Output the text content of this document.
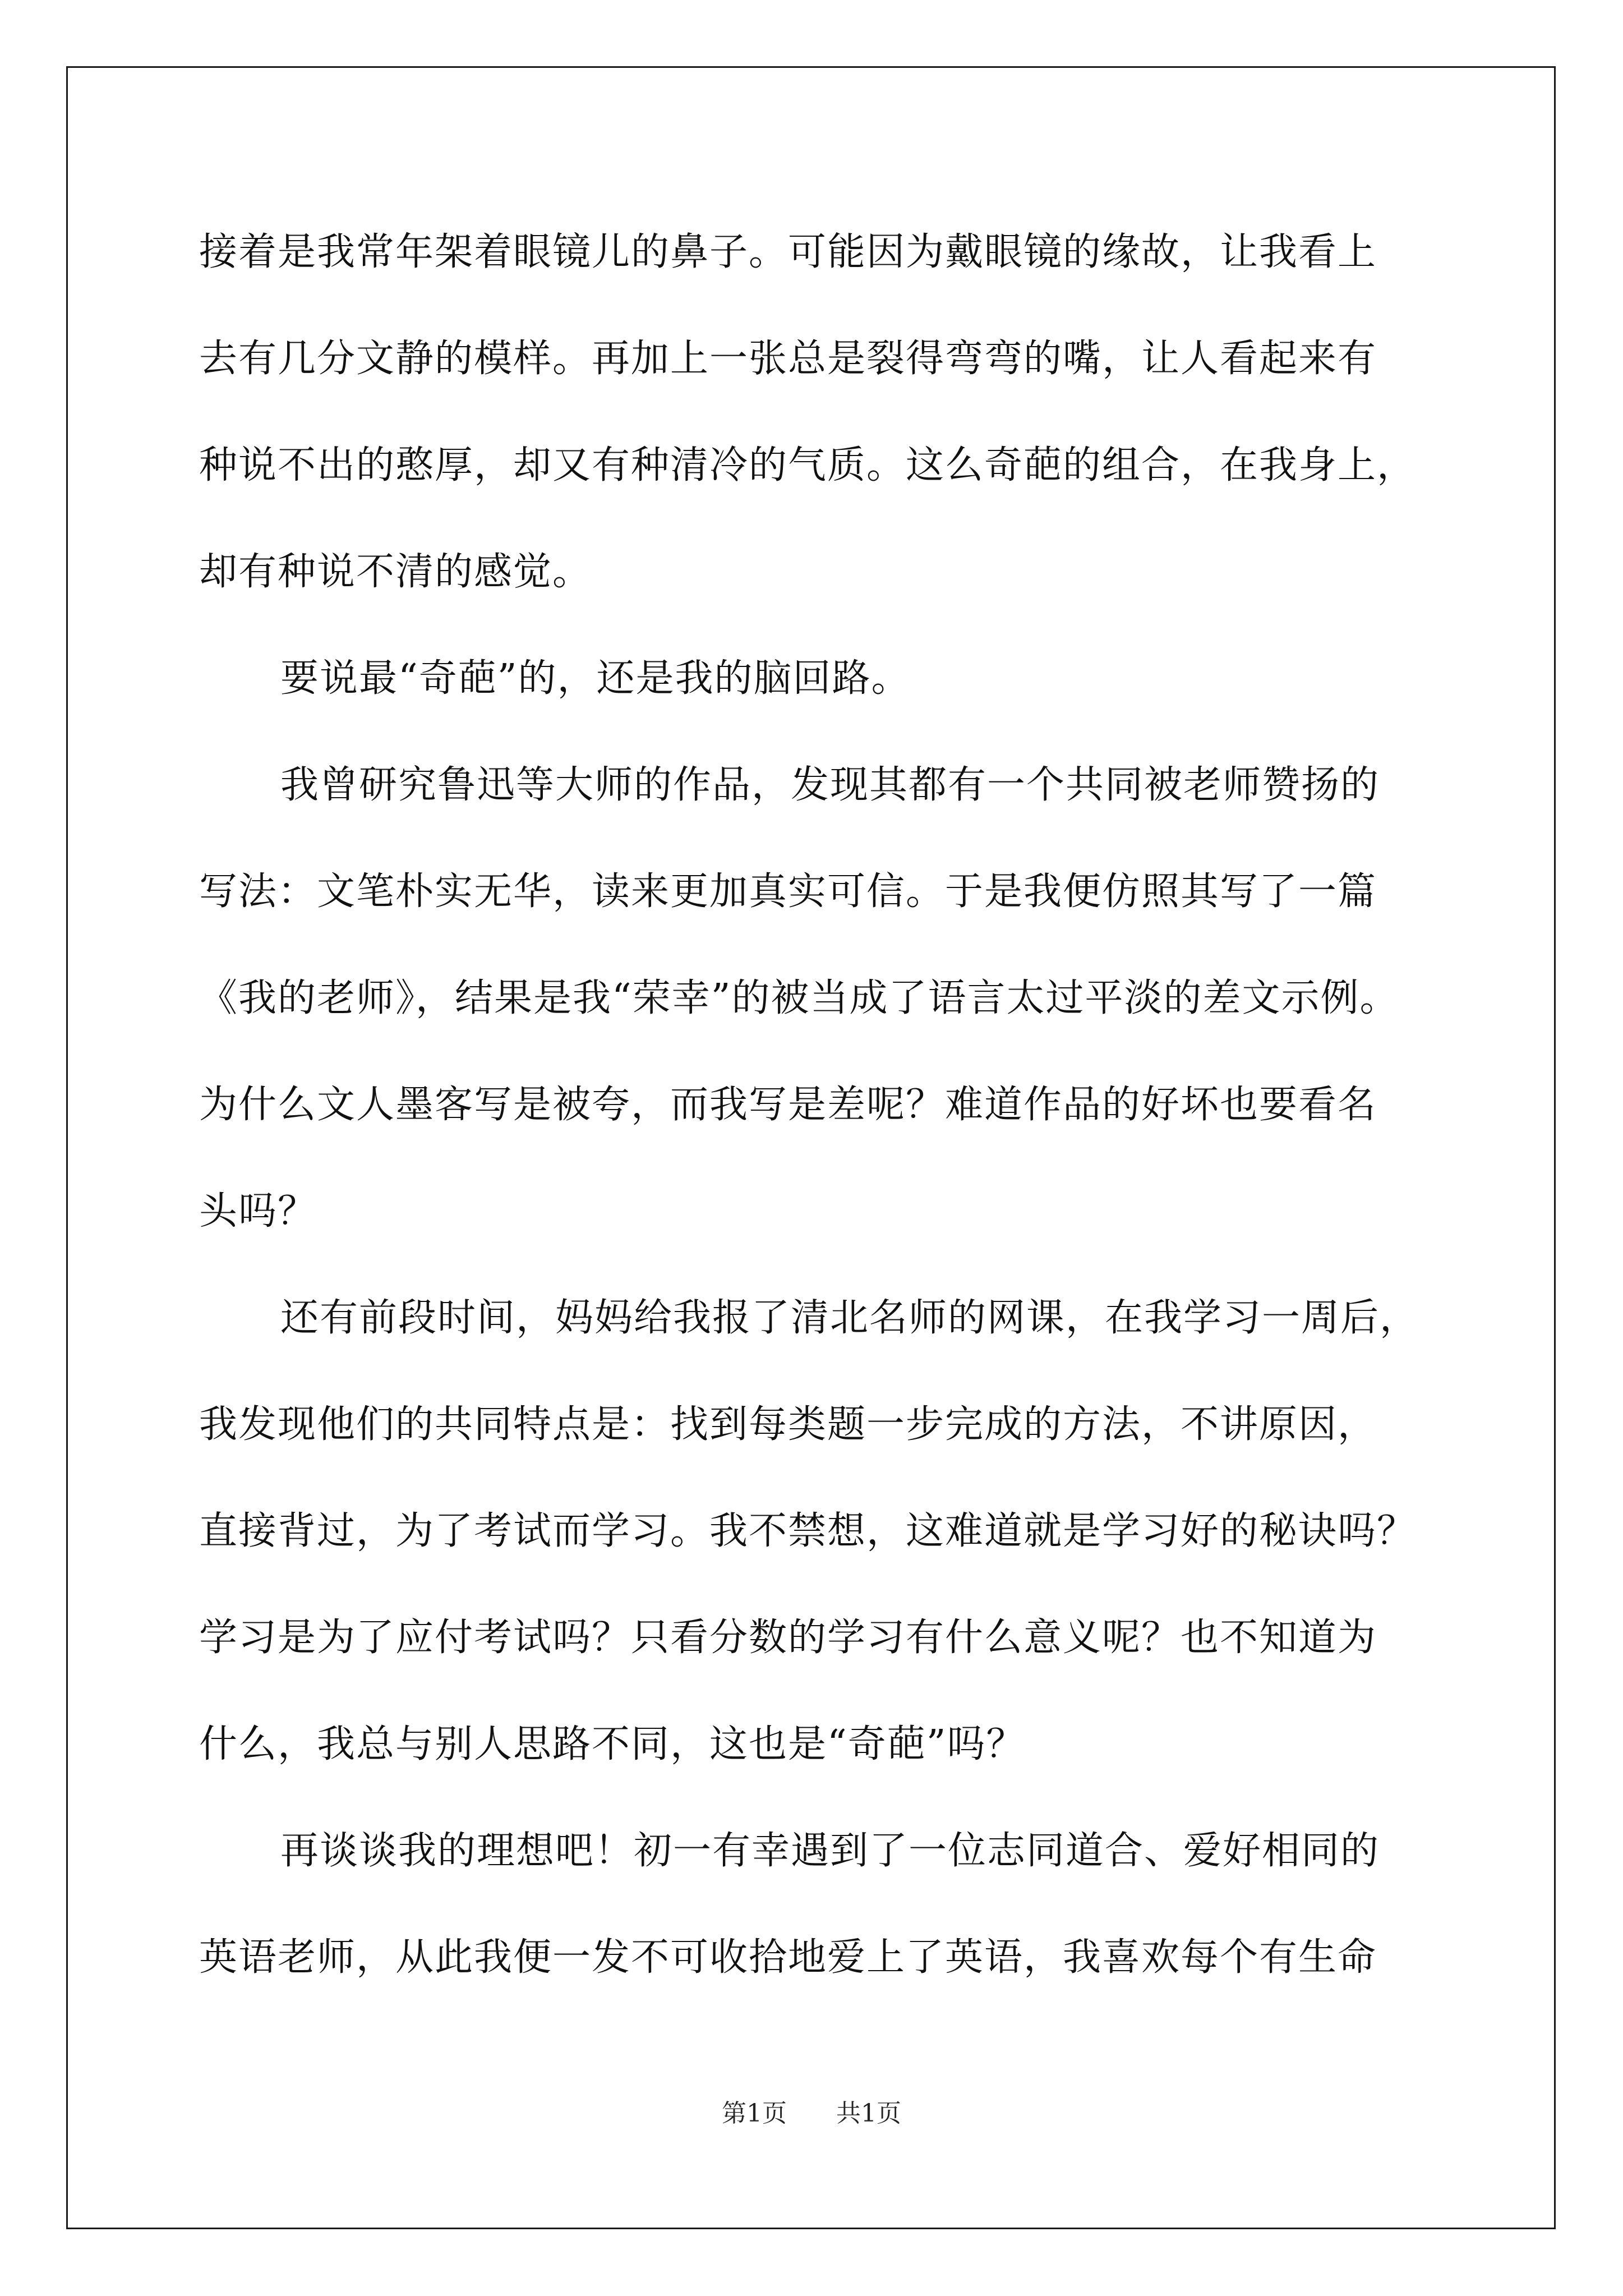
接着是我常年架着眼镜儿的鼻子。可能因为戴眼镜的缘故，让我看上
去有几分文静的模样。再加上一张总是裂得弯弯的嘴，让人看起来有
种说不出的憨厚，却又有种清冷的气质。这么奇葩的组合，在我身上，
却有种说不清的感觉。
要说最“奇葩”的，还是我的脑回路。
我曾研究鲁迅等大师的作品，发现其都有一个共同被老师赞扬的
写法：文笔朴实无华，读来更加真实可信。于是我便仿照其写了一篇
《我的老师》，结果是我“荣幸”的被当成了语言太过平淡的差文示例。
为什么文人墨客写是被夸，而我写是差呢？难道作品的好坏也要看名
头吗？
还有前段时间，妈妈给我报了清北名师的网课，在我学习一周后，
我发现他们的共同特点是：找到每类题一步完成的方法，不讲原因，
直接背过，为了考试而学习。我不禁想，这难道就是学习好的秘诀吗？
学习是为了应付考试吗？只看分数的学习有什么意义呢？也不知道为
什么，我总与别人思路不同，这也是“奇葩”吗？
再谈谈我的理想吧！初一有幸遇到了一位志同道合、爱好相同的
英语老师，从此我便一发不可收拾地爱上了英语，我喜欢每个有生命
第1页 共1页
